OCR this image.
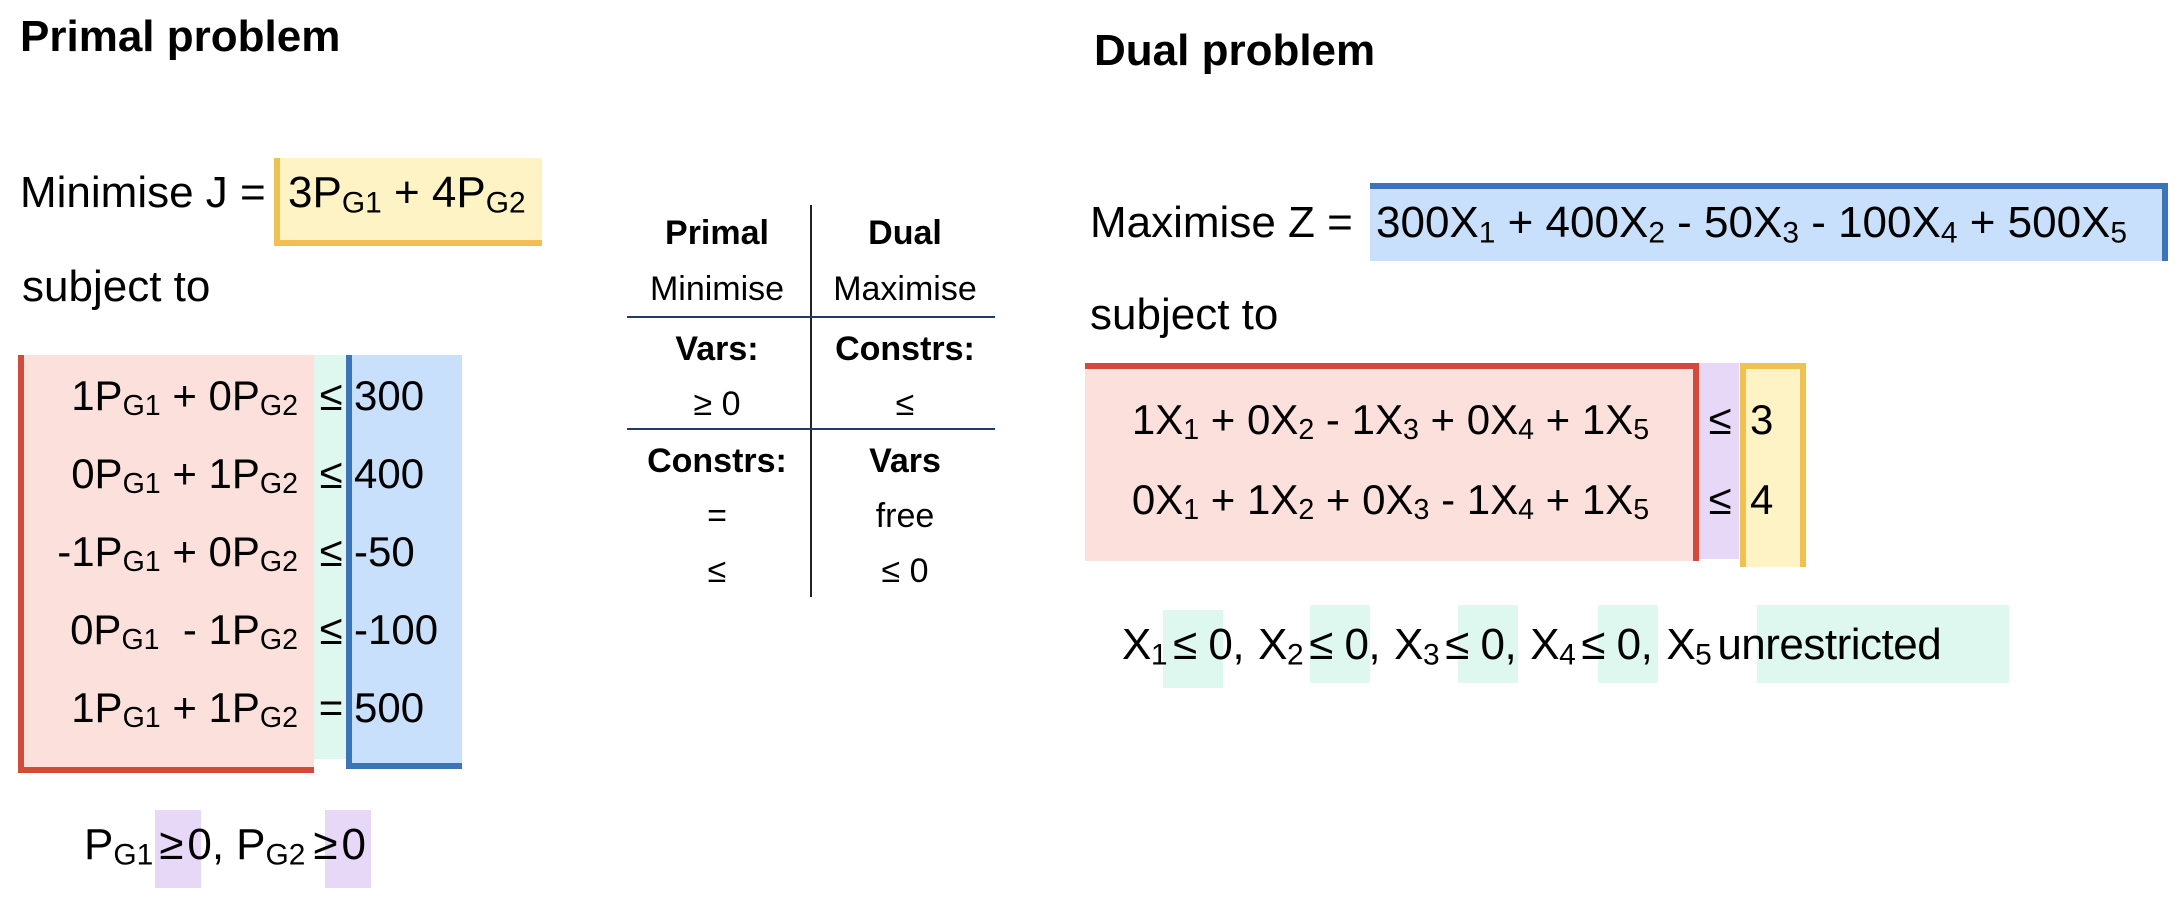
Primal problem
Minimise $J = 3P_{G1} + 4P_{G2}$
subject to
$1P_{G1} + 0P_{G2} \le 300$
$0P_{G1} + 1P_{G2} \le 400$
$-1P_{G1} + 0P_{G2} \le -50$
$0P_{G1} - 1P_{G2} \le -100$
$1P_{G1} + 1P_{G2} = 500$
$P_{G1} \ge 0$, $P_{G2} \ge 0$
Primal	Dual
Minimise	Maximise
Vars:	Constrs:
≥ 0	≤
Constrs:	Vars
=	free
≤	≤ 0
Dual problem
Maximise $Z = 300X_1 + 400X_2 - 50X_3 - 100X_4 + 500X_5$
subject to
$1X_1 + 0X_2 - 1X_3 + 0X_4 + 1X_5$	≤ 3
$0X_1 + 1X_2 + 0X_3 - 1X_4 + 1X_5$	≤ 4
$X_1 \le 0$, $X_2 \le 0$, $X_3 \le 0$, $X_4 \le 0$, $X_5$ unrestricted
